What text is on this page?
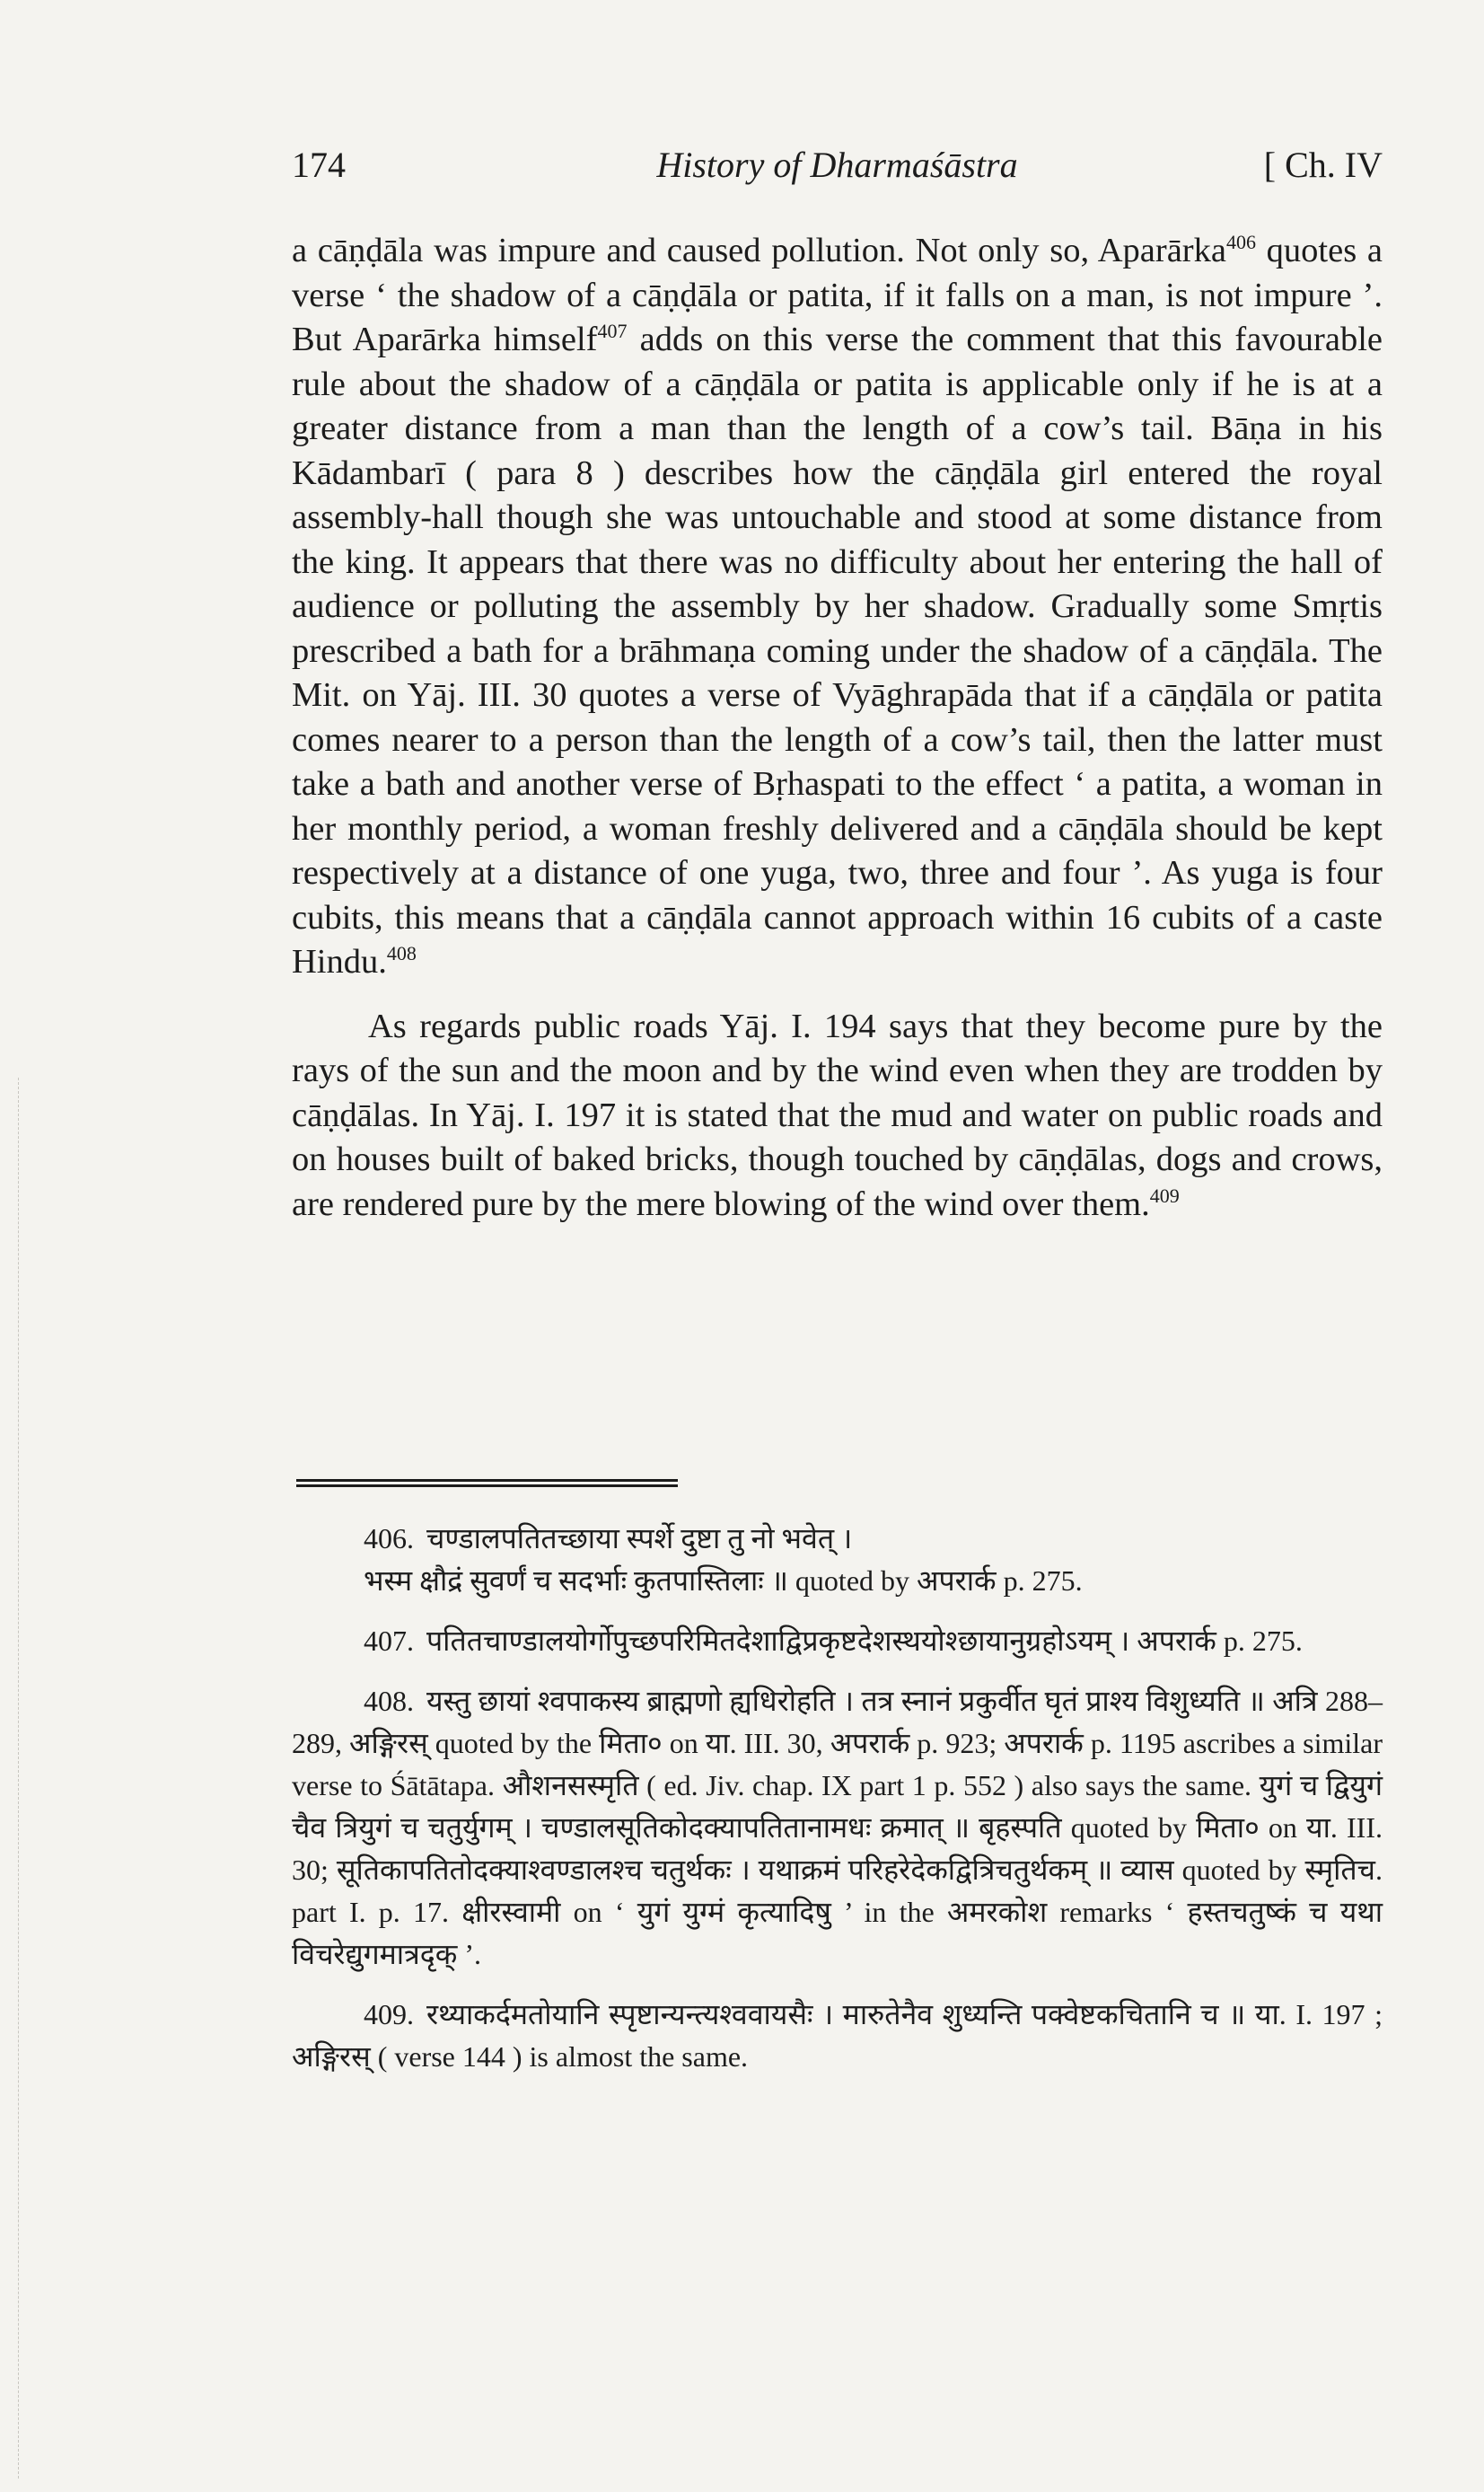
174	History of Dharmaśāstra	[ Ch. IV

a cāṇḍāla was impure and caused pollution. Not only so, Aparārka$^{406}$ quotes a verse ‘ the shadow of a cāṇḍāla or patita, if it falls on a man, is not impure ’. But Aparārka himself$^{407}$ adds on this verse the comment that this favourable rule about the shadow of a cāṇḍāla or patita is applicable only if he is at a greater distance from a man than the length of a cow’s tail. Bāṇa in his Kādambarī ( para 8 ) describes how the cāṇḍāla girl entered the royal assembly-hall though she was untouchable and stood at some distance from the king. It appears that there was no difficulty about her entering the hall of audience or polluting the assembly by her shadow. Gradually some Smṛtis prescribed a bath for a brāhmaṇa coming under the shadow of a cāṇḍāla. The Mit. on Yāj. III. 30 quotes a verse of Vyāghrapāda that if a cāṇḍāla or patita comes nearer to a person than the length of a cow’s tail, then the latter must take a bath and another verse of Bṛhaspati to the effect ‘ a patita, a woman in her monthly period, a woman freshly delivered and a cāṇḍāla should be kept respectively at a distance of one yuga, two, three and four ’. As yuga is four cubits, this means that a cāṇḍāla cannot approach within 16 cubits of a caste Hindu.$^{408}$

As regards public roads Yāj. I. 194 says that they become pure by the rays of the sun and the moon and by the wind even when they are trodden by cāṇḍālas. In Yāj. I. 197 it is stated that the mud and water on public roads and on houses built of baked bricks, though touched by cāṇḍālas, dogs and crows, are rendered pure by the mere blowing of the wind over them.$^{409}$

406. चण्डालपतितच्छाया स्पर्शे दुष्टा तु नो भवेत् ।
भस्म क्षौद्रं सुवर्णं च सदर्भाः कुतपास्तिलाः ॥ quoted by अपरार्क p. 275.

407. पतितचाण्डालयोर्गोपुच्छपरिमितदेशाद्विप्रकृष्टदेशस्थयोश्छायानुग्रहोऽयम् । अपरार्क p. 275.

408. यस्तु छायां श्वपाकस्य ब्राह्मणो ह्यधिरोहति । तत्र स्नानं प्रकुर्वीत घृतं प्राश्य विशुध्यति ॥ अत्रि 288–289, अङ्गिरस् quoted by the मिता० on या. III. 30, अपरार्क p. 923; अपरार्क p. 1195 ascribes a similar verse to Śātātapa. औशनसस्मृति ( ed. Jiv. chap. IX part 1 p. 552 ) also says the same. युगं च द्वियुगं चैव त्रियुगं च चतुर्युगम् । चण्डालसूतिकोदक्यापतितानामधः क्रमात् ॥ बृहस्पति quoted by मिता० on या. III. 30; सूतिकापतितोदक्याश्वण्डालश्च चतुर्थकः । यथाक्रमं परिहरेदेकद्वित्रिचतुर्थकम् ॥ व्यास quoted by स्मृतिच. part I. p. 17. क्षीरस्वामी on ‘ युगं युग्मं कृत्यादिषु ’ in the अमरकोश remarks ‘ हस्तचतुष्कं च यथा विचरेद्युगमात्रदृक् ’.

409. रथ्याकर्दमतोयानि स्पृष्टान्यन्त्यश्ववायसैः । मारुतेनैव शुध्यन्ति पक्वेष्टकचितानि च ॥ या. I. 197 ; अङ्गिरस् ( verse 144 ) is almost the same.
